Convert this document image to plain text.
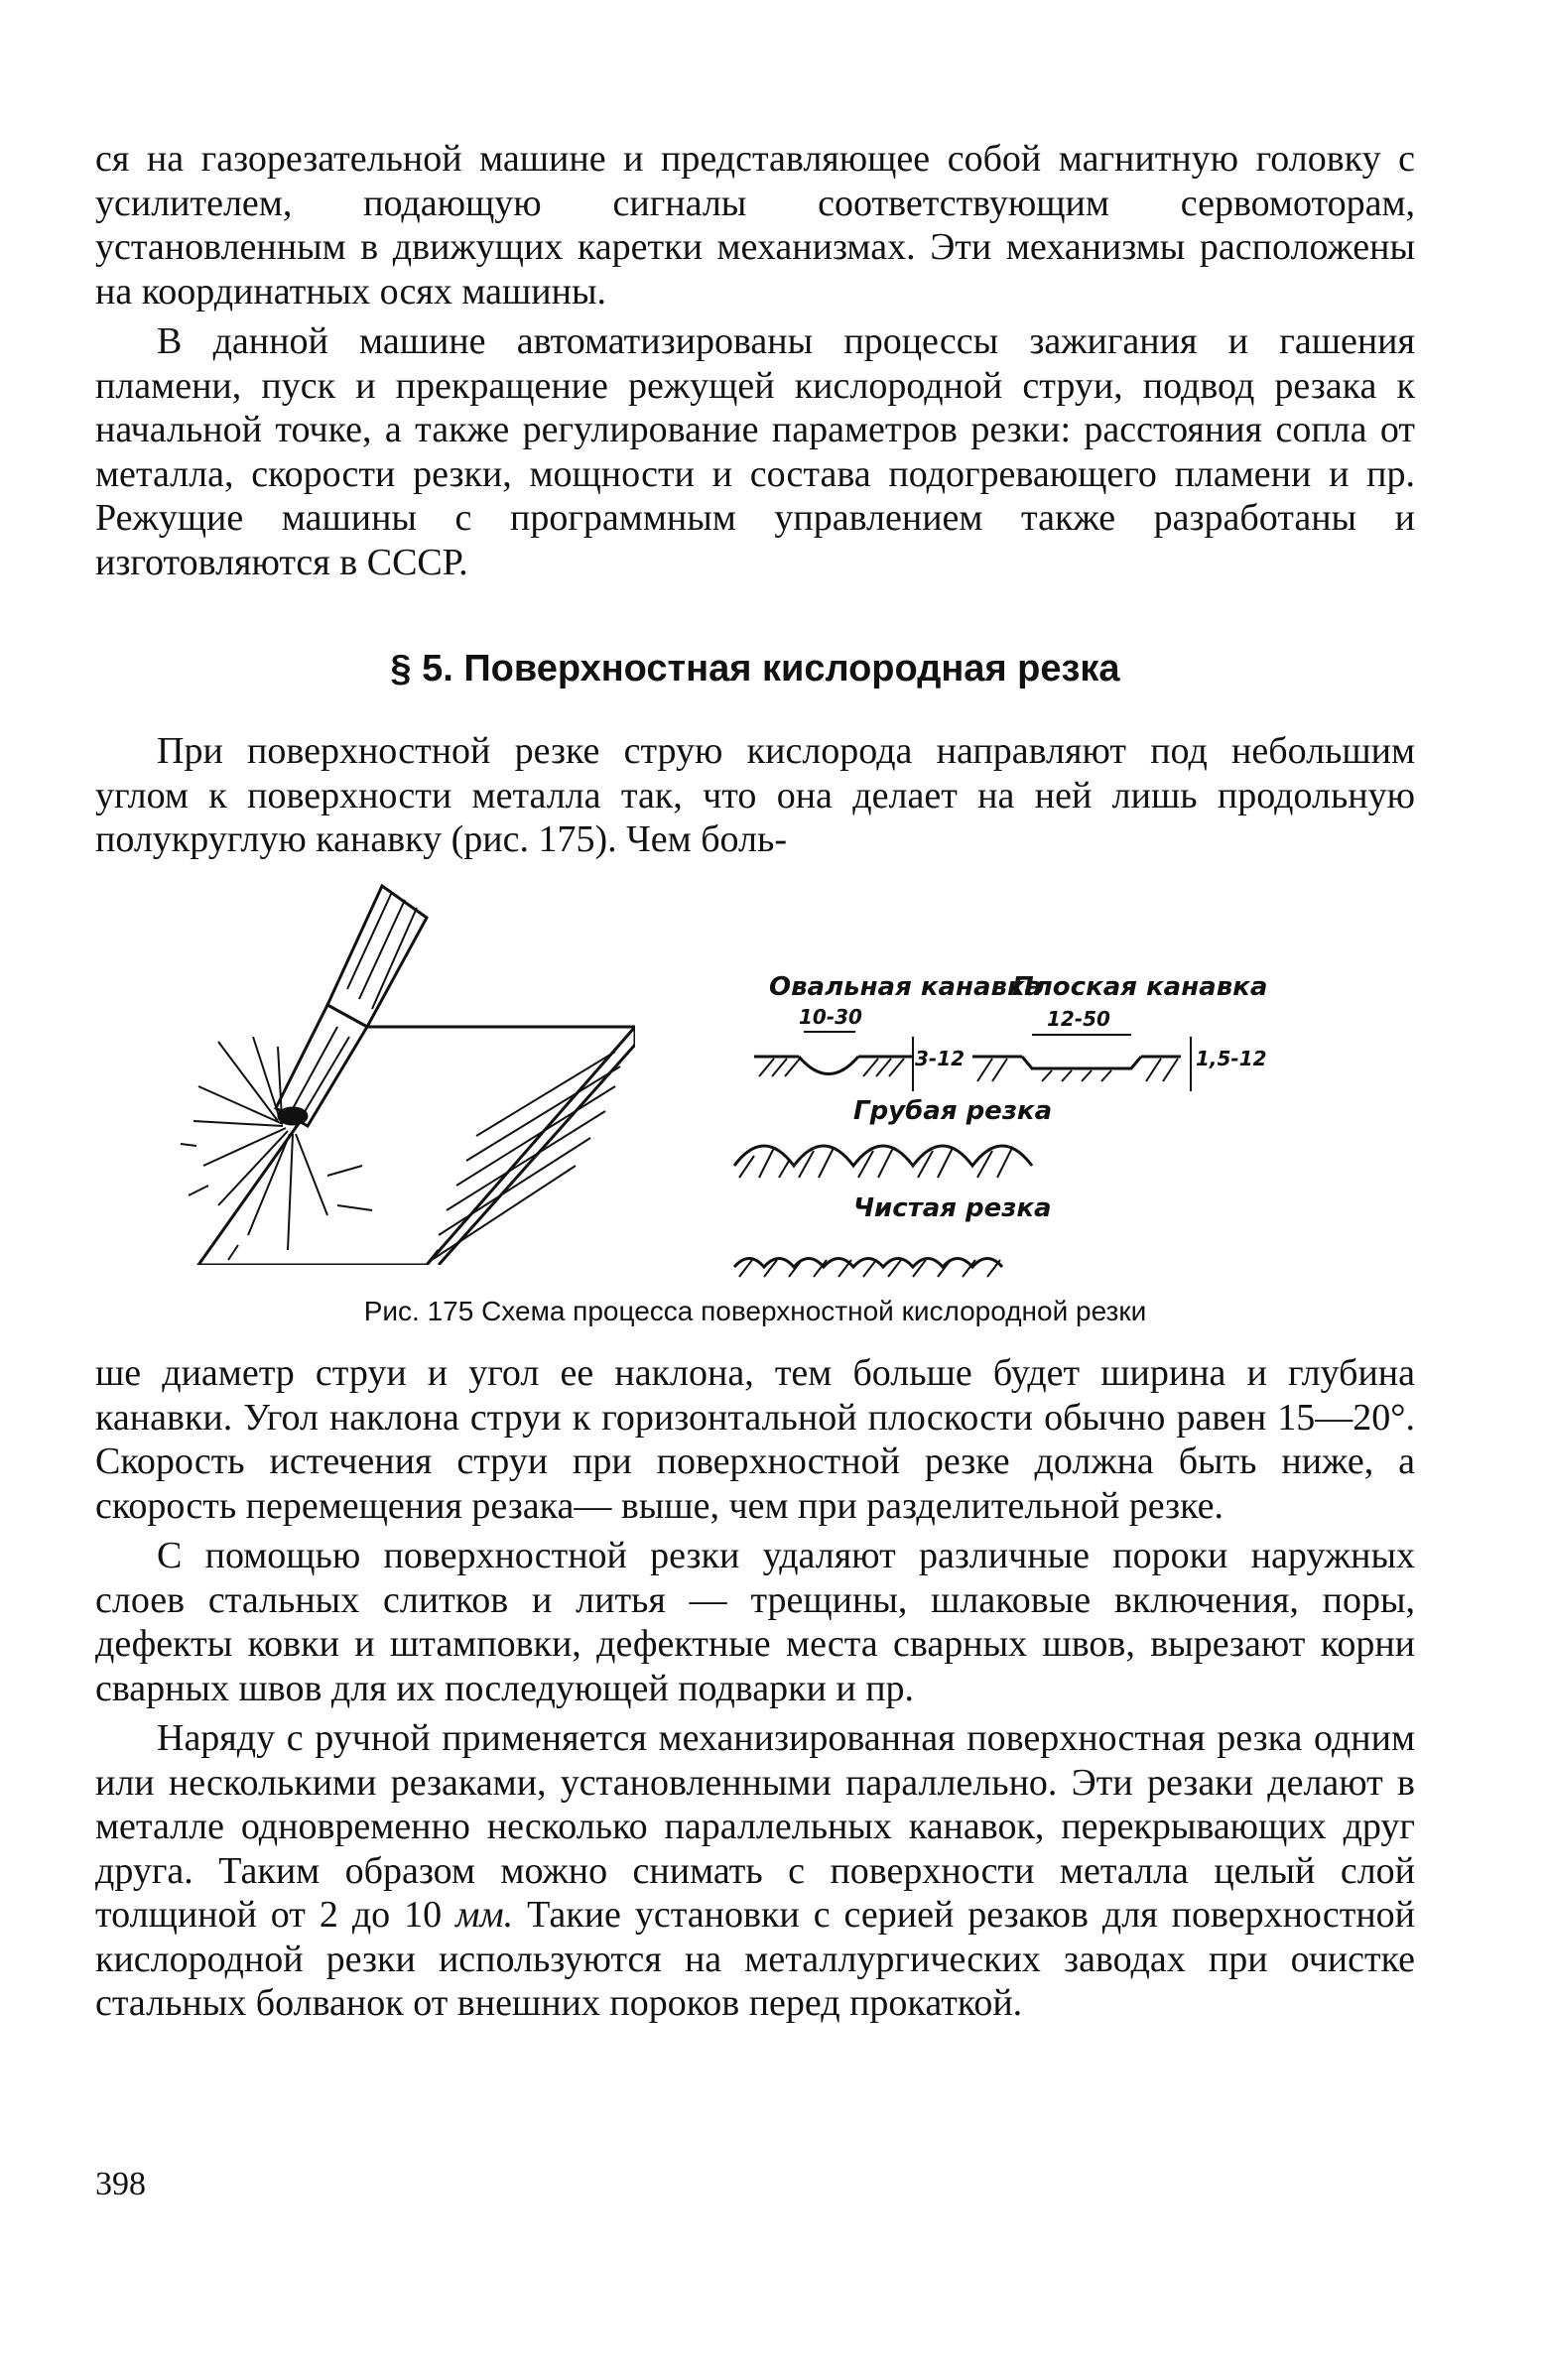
ся на газорезательной машине и представляющее собой магнитную головку с усилителем, подающую сигналы соответствующим сервомоторам, установленным в движущих каретки механизмах. Эти механизмы расположены на координатных осях машины.

В данной машине автоматизированы процессы зажигания и гашения пламени, пуск и прекращение режущей кислородной струи, подвод резака к начальной точке, а также регулирование параметров резки: расстояния сопла от металла, скорости резки, мощности и состава подогревающего пламени и пр. Режущие машины с программным управлением также разработаны и изготовляются в СССР.

§ 5. Поверхностная кислородная резка

При поверхностной резке струю кислорода направляют под небольшим углом к поверхности металла так, что она делает на ней лишь продольную полукруглую канавку (рис. 175). Чем боль-

Овальная канавка
Плоская канавка
10-30
3-12
12-50
1,5-12
Грубая резка
Чистая резка

Рис. 175 Схема процесса поверхностной кислородной резки

ше диаметр струи и угол ее наклона, тем больше будет ширина и глубина канавки. Угол наклона струи к горизонтальной плоскости обычно равен 15—20°. Скорость истечения струи при поверхностной резке должна быть ниже, а скорость перемещения резака— выше, чем при разделительной резке.

С помощью поверхностной резки удаляют различные пороки наружных слоев стальных слитков и литья — трещины, шлаковые включения, поры, дефекты ковки и штамповки, дефектные места сварных швов, вырезают корни сварных швов для их последующей подварки и пр.

Наряду с ручной применяется механизированная поверхностная резка одним или несколькими резаками, установленными параллельно. Эти резаки делают в металле одновременно несколько параллельных канавок, перекрывающих друг друга. Таким образом можно снимать с поверхности металла целый слой толщиной от 2 до 10 мм. Такие установки с серией резаков для поверхностной кислородной резки используются на металлургических заводах при очистке стальных болванок от внешних пороков перед прокаткой.

398
